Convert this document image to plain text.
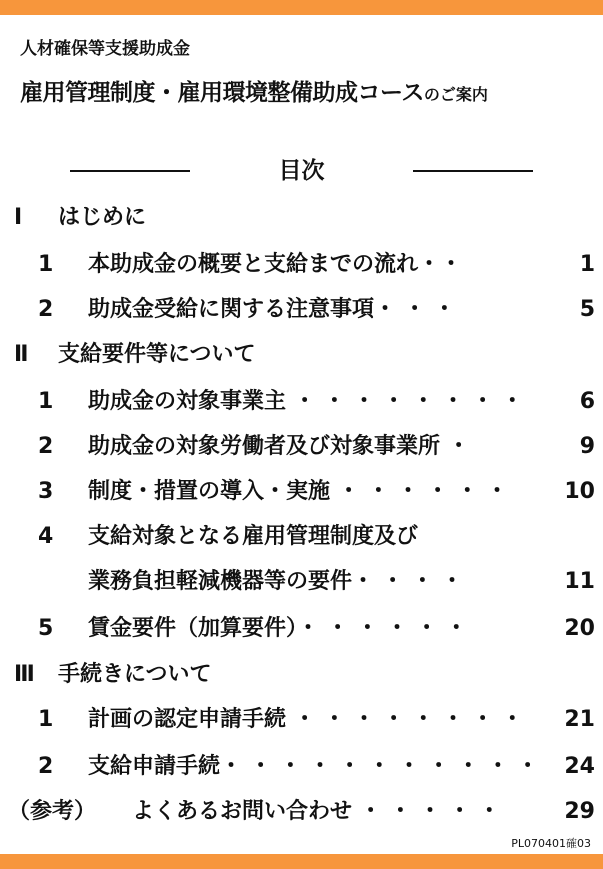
人材確保等支援助成金
雇用管理制度・雇用環境整備助成コースのご案内
目次
Ⅰ はじめに
1 本助成金の概要と支給までの流れ・・	1
2 助成金受給に関する注意事項・ ・ ・	5
Ⅱ 支給要件等について
1 助成金の対象事業主 ・ ・ ・ ・ ・ ・ ・ ・	6
2 助成金の対象労働者及び対象事業所 ・	9
3 制度・措置の導入・実施 ・ ・ ・ ・ ・ ・	10
4 支給対象となる雇用管理制度及び
業務負担軽減機器等の要件・ ・ ・ ・	11
5 賃金要件（加算要件）・ ・ ・ ・ ・ ・	20
Ⅲ 手続きについて
1 計画の認定申請手続 ・ ・ ・ ・ ・ ・ ・ ・ 21
2 支給申請手続・ ・ ・ ・ ・ ・ ・ ・ ・ ・ ・ 24
（参考） よくあるお問い合わせ ・ ・ ・ ・ ・	29
PL070401確03
